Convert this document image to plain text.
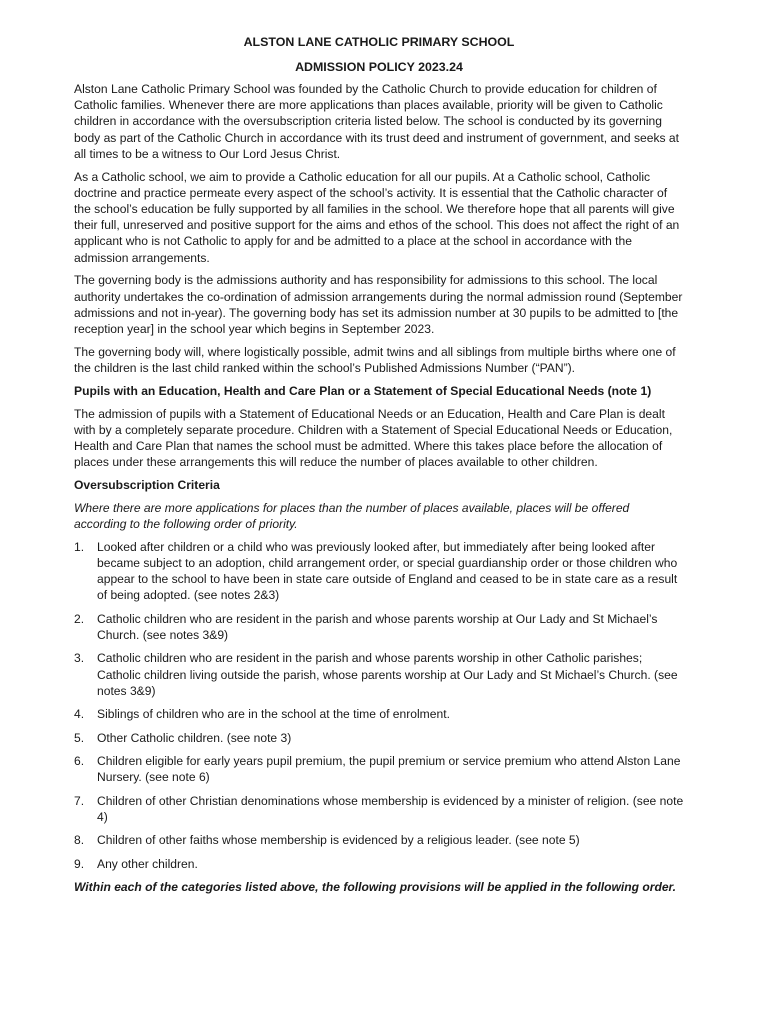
ALSTON LANE CATHOLIC PRIMARY SCHOOL
ADMISSION POLICY 2023.24

Alston Lane Catholic Primary School was founded by the Catholic Church to provide education for children of Catholic families. Whenever there are more applications than places available, priority will be given to Catholic children in accordance with the oversubscription criteria listed below. The school is conducted by its governing body as part of the Catholic Church in accordance with its trust deed and instrument of government, and seeks at all times to be a witness to Our Lord Jesus Christ.

As a Catholic school, we aim to provide a Catholic education for all our pupils. At a Catholic school, Catholic doctrine and practice permeate every aspect of the school’s activity. It is essential that the Catholic character of the school’s education be fully supported by all families in the school. We therefore hope that all parents will give their full, unreserved and positive support for the aims and ethos of the school. This does not affect the right of an applicant who is not Catholic to apply for and be admitted to a place at the school in accordance with the admission arrangements.

The governing body is the admissions authority and has responsibility for admissions to this school. The local authority undertakes the co-ordination of admission arrangements during the normal admission round (September admissions and not in-year). The governing body has set its admission number at 30 pupils to be admitted to [the reception year] in the school year which begins in September 2023.

The governing body will, where logistically possible, admit twins and all siblings from multiple births where one of the children is the last child ranked within the school’s Published Admissions Number (“PAN”).

Pupils with an Education, Health and Care Plan or a Statement of Special Educational Needs (note 1)

The admission of pupils with a Statement of Educational Needs or an Education, Health and Care Plan is dealt with by a completely separate procedure. Children with a Statement of Special Educational Needs or Education, Health and Care Plan that names the school must be admitted. Where this takes place before the allocation of places under these arrangements this will reduce the number of places available to other children.

Oversubscription Criteria

Where there are more applications for places than the number of places available, places will be offered according to the following order of priority.

1.	Looked after children or a child who was previously looked after, but immediately after being looked after became subject to an adoption, child arrangement order, or special guardianship order or those children who appear to the school to have been in state care outside of England and ceased to be in state care as a result of being adopted. (see notes 2&3)
2.	Catholic children who are resident in the parish and whose parents worship at Our Lady and St Michael’s Church. (see notes 3&9)
3.	Catholic children who are resident in the parish and whose parents worship in other Catholic parishes; Catholic children living outside the parish, whose parents worship at Our Lady and St Michael’s Church. (see notes 3&9)
4.	Siblings of children who are in the school at the time of enrolment.
5.	Other Catholic children. (see note 3)
6.	Children eligible for early years pupil premium, the pupil premium or service premium who attend Alston Lane Nursery. (see note 6)
7.	Children of other Christian denominations whose membership is evidenced by a minister of religion. (see note 4)
8.	Children of other faiths whose membership is evidenced by a religious leader. (see note 5)
9.	Any other children.

Within each of the categories listed above, the following provisions will be applied in the following order.
